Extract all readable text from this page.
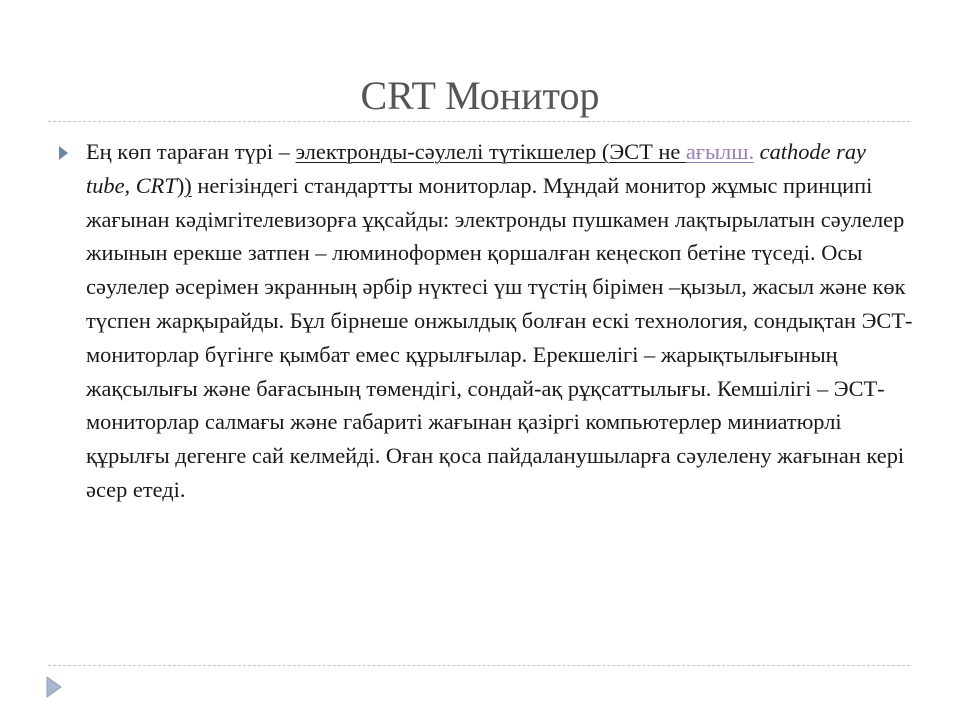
CRT Монитор

Ең көп тараған түрі – электронды-сәулелі түтікшелер (ЭСТ не ағылш. cathode ray tube, CRT)) негізіндегі стандартты мониторлар. Мұндай монитор жұмыс принципі жағынан кәдімгітелевизорға ұқсайды: электронды пушкамен лақтырылатын сәулелер жиынын ерекше затпен – люминоформен қоршалған кеңескоп бетіне түседі. Осы сәулелер әсерімен экранның әрбір нүктесі үш түстің бірімен –қызыл, жасыл және көк түспен жарқырайды. Бұл бірнеше онжылдық болған ескі технология, сондықтан ЭСТ-мониторлар бүгінге қымбат емес құрылғылар. Ерекшелігі – жарықтылығының жақсылығы және бағасының төмендігі, сондай-ақ рұқсаттылығы. Кемшілігі – ЭСТ-мониторлар салмағы және габариті жағынан қазіргі компьютерлер миниатюрлі құрылғы дегенге сай келмейді. Оған қоса пайдаланушыларға сәулелену жағынан кері әсер етеді.
